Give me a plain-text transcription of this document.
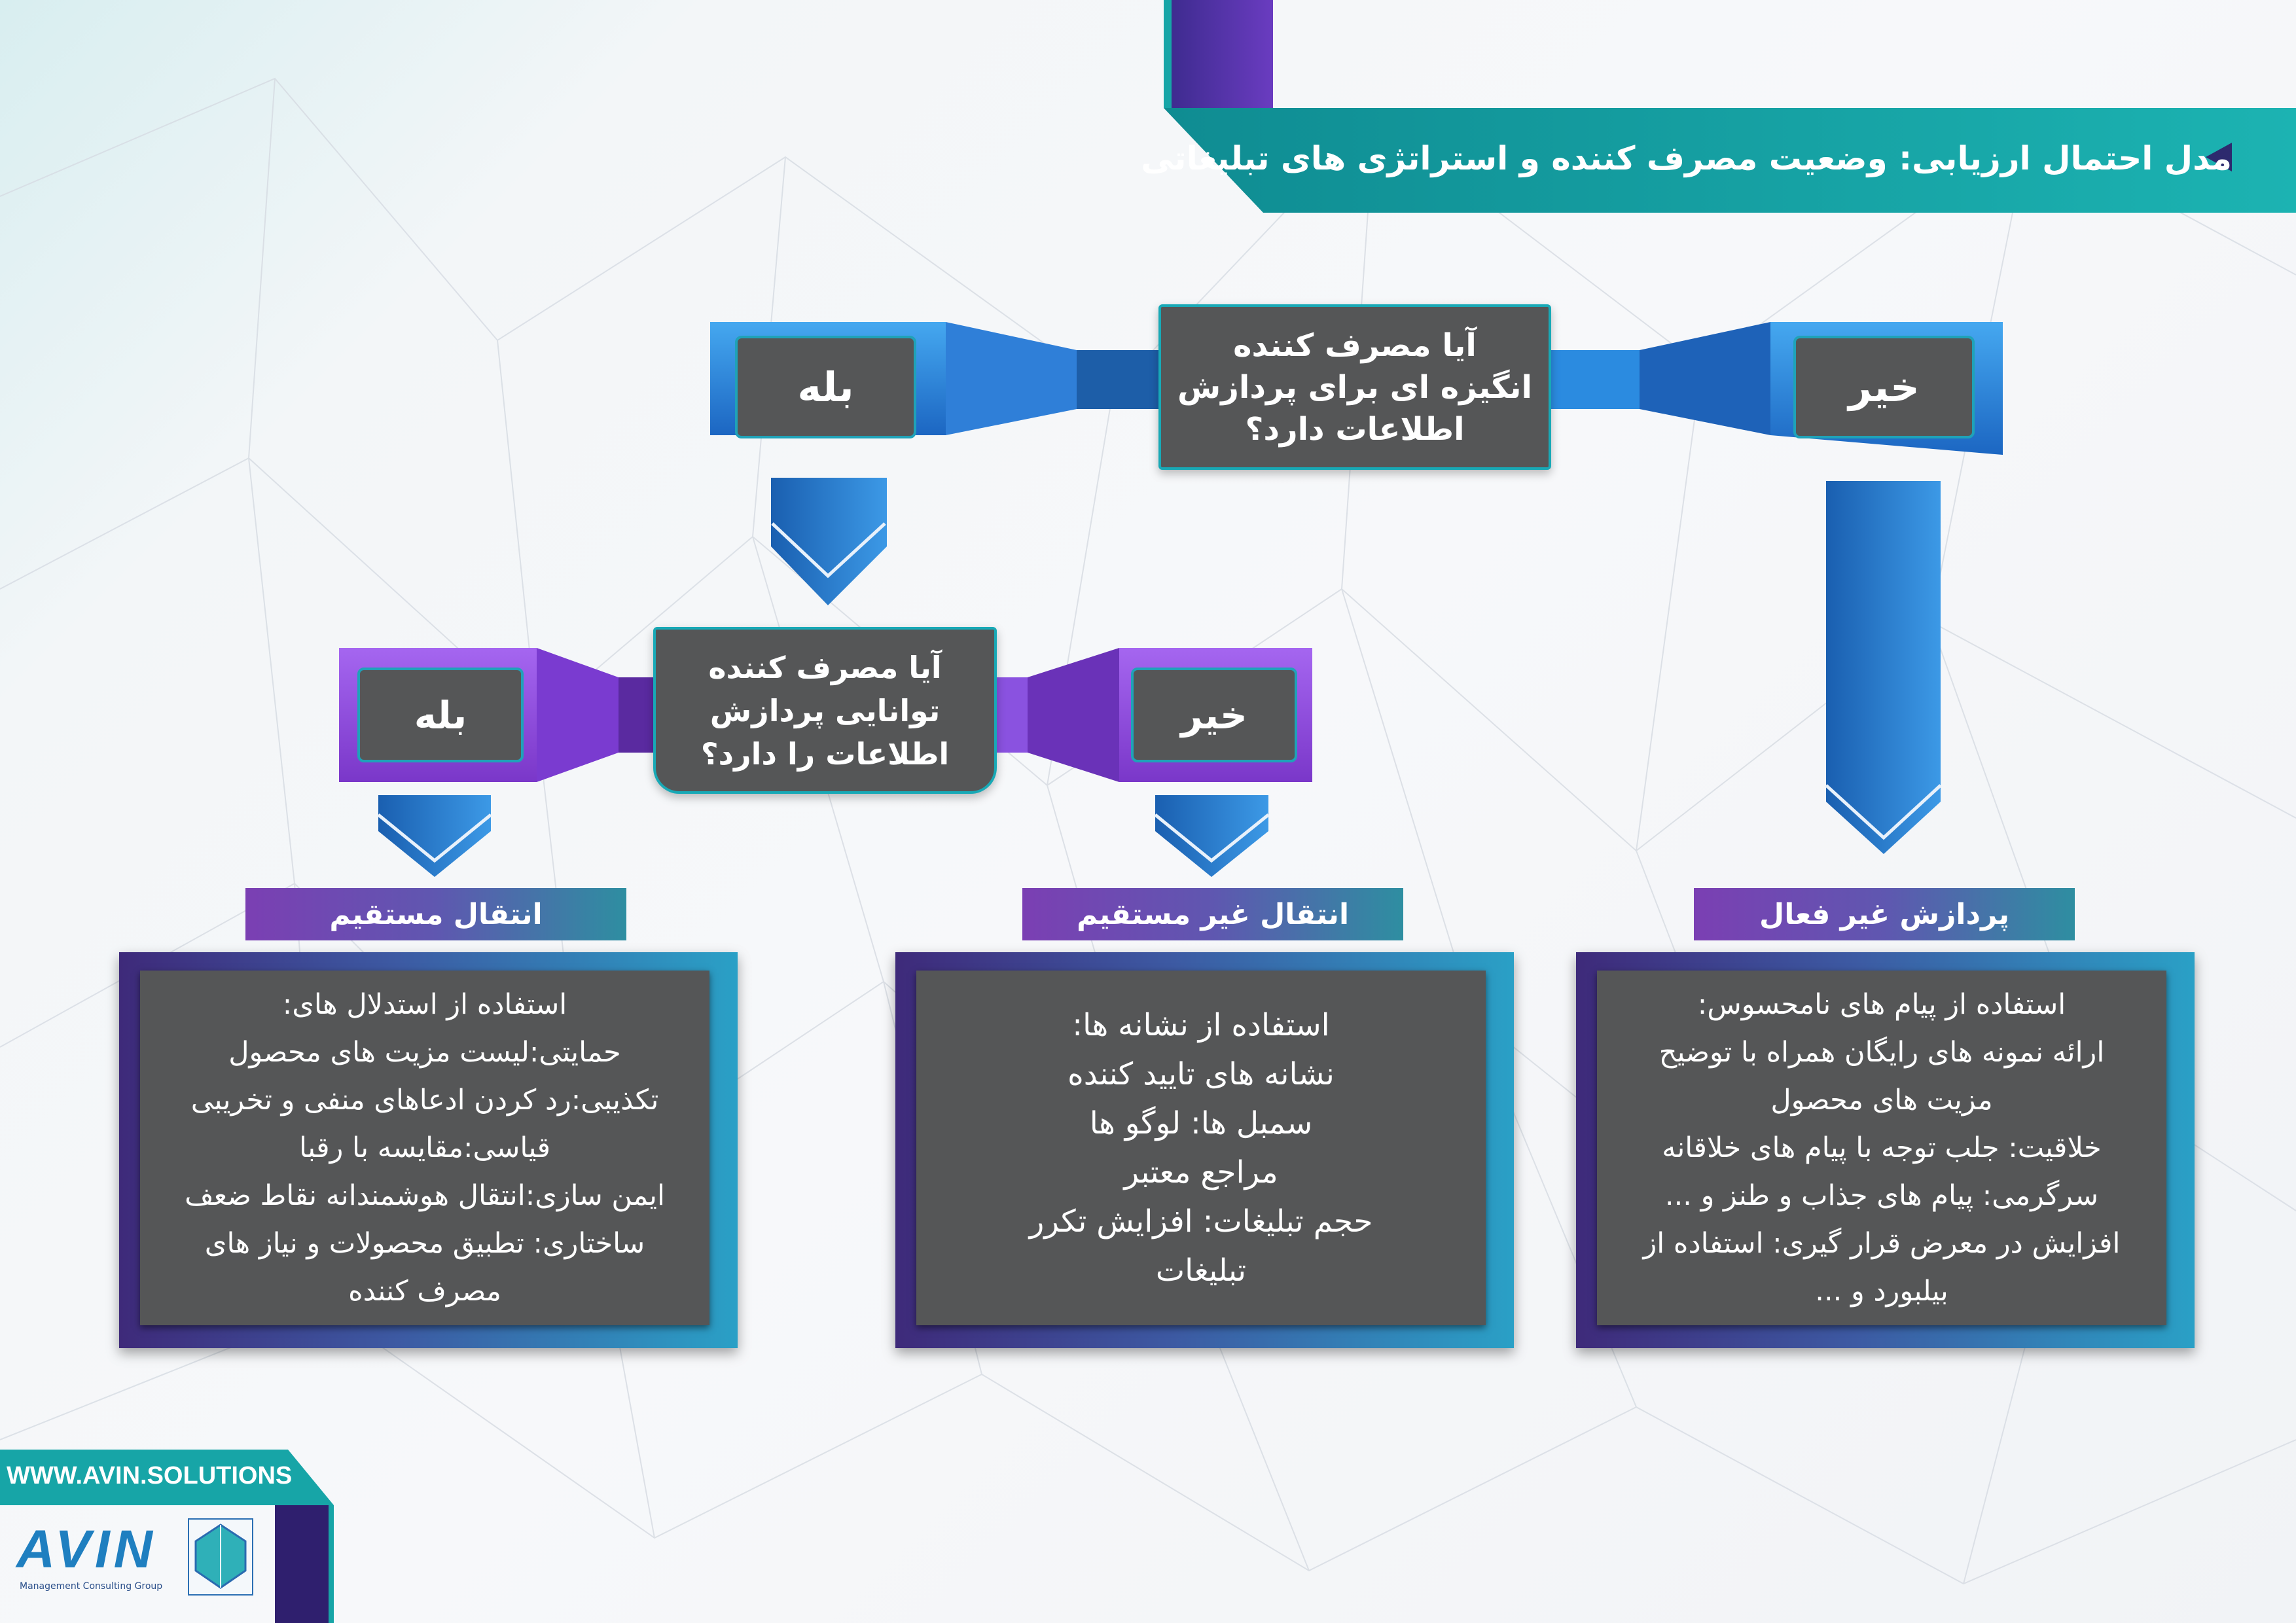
مدل احتمال ارزیابی: وضعیت مصرف کننده و استراتژی های تبلیغاتی
آیا مصرف کننده
انگیزه ای برای پردازش
اطلاعات دارد؟
بله	خیر
آیا مصرف کننده
توانایی پردازش
اطلاعات را دارد؟
بله	خیر
انتقال مستقیم	انتقال غیر مستقیم	پردازش غیر فعال
استفاده از استدلال های:
حمایتی:لیست مزیت های محصول
تکذیبی:رد کردن ادعاهای منفی و تخریبی
قیاسی:مقایسه با رقبا
ایمن سازی:انتقال هوشمندانه نقاط ضعف
ساختاری: تطبیق محصولات و نیاز های
مصرف کننده
استفاده از نشانه ها:
نشانه های تایید کننده
سمبل ها: لوگو ها
مراجع معتبر
حجم تبلیغات: افزایش تکرر
تبلیغات
استفاده از پیام های نامحسوس:
ارائه نمونه های رایگان همراه با توضیح
مزیت های محصول
خلاقیت: جلب توجه با پیام های خلاقانه
سرگرمی: پیام های جذاب و طنز و ...
افزایش در معرض قرار گیری: استفاده از
بیلبورد و ...
WWW.AVIN.SOLUTIONS
AVIN
Management Consulting Group
